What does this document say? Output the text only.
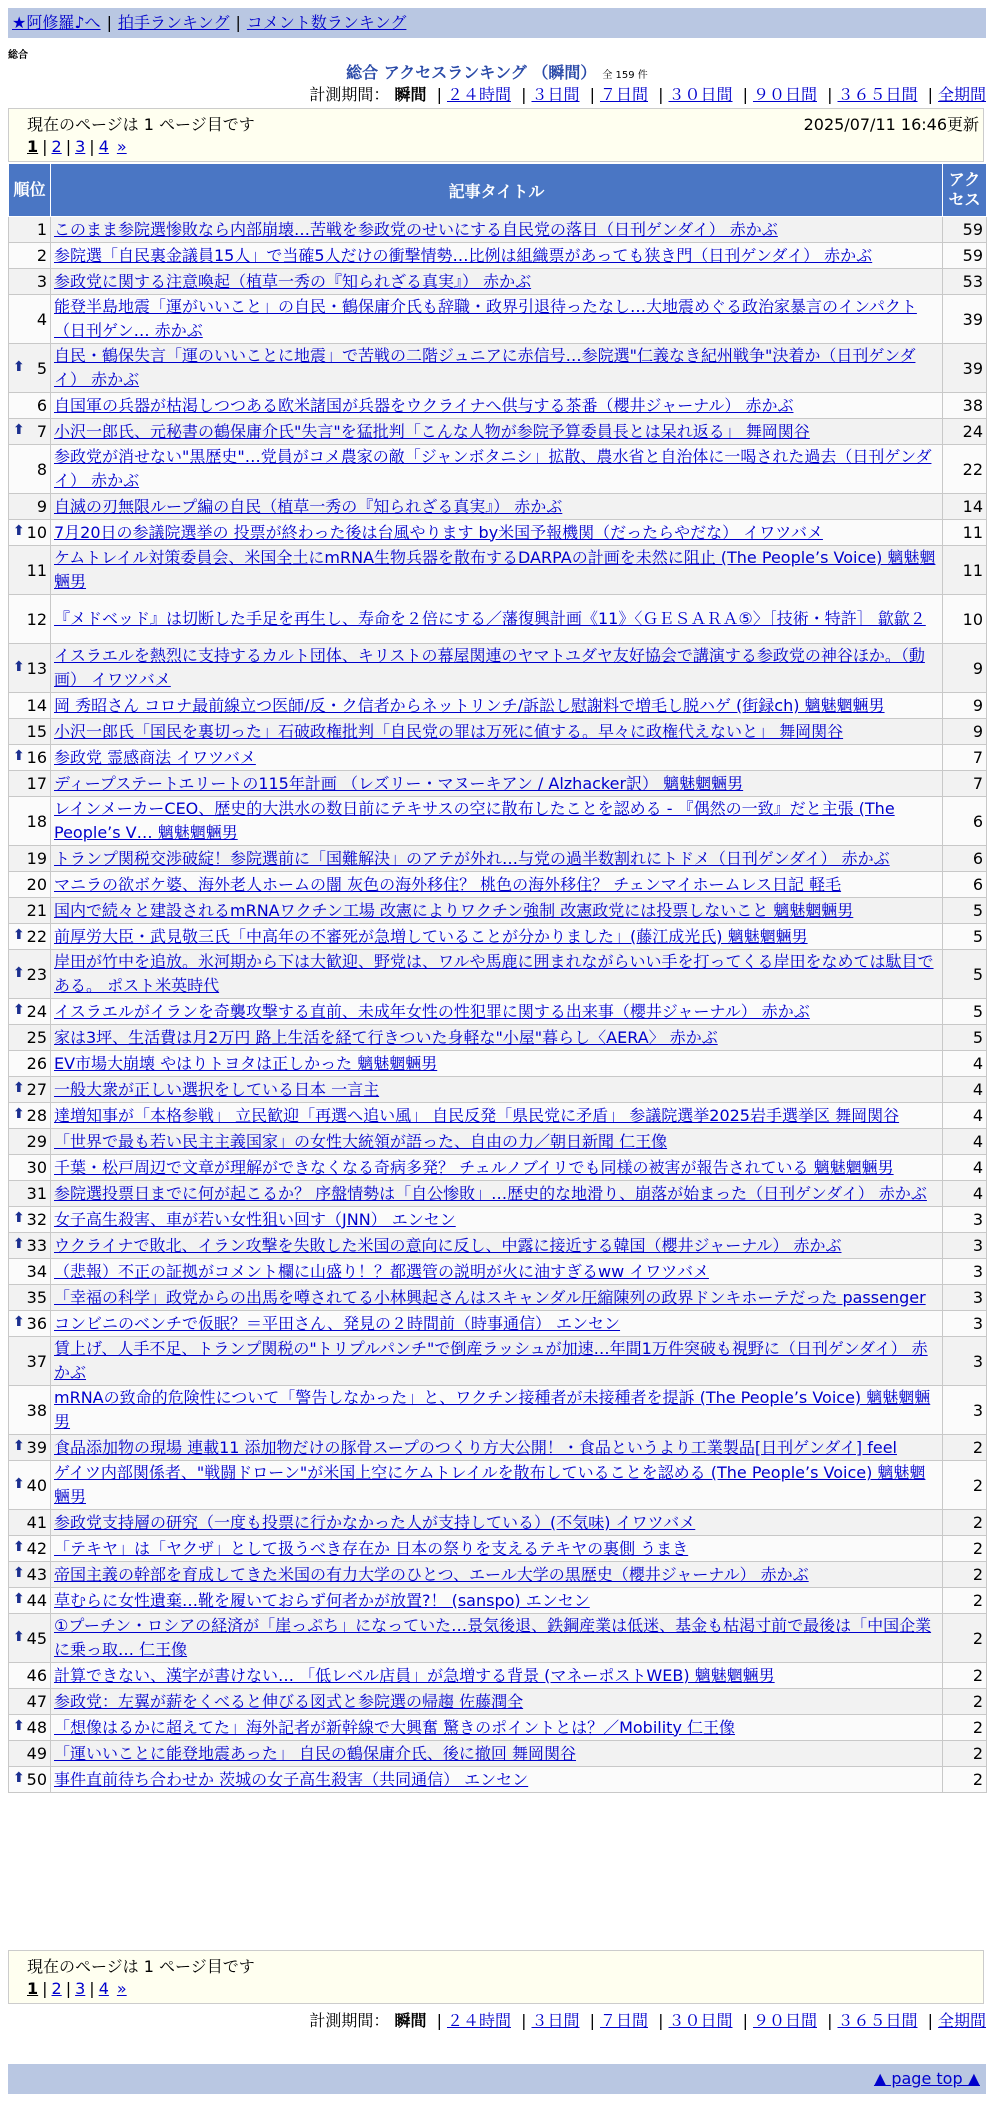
★阿修羅♪へ | 拍手ランキング | コメント数ランキング
総合
総合 アクセスランキング （瞬間） 全 159 件
計測期間： 瞬間 | ２４時間 | ３日間 | ７日間 | ３０日間 | ９０日間 | ３６５日間 | 全期間
現在のページは 1 ページ目です	2025/07/11 16:46更新
1 | 2 | 3 | 4 »
順位	記事タイトル	アクセス
1	このまま参院選惨敗なら内部崩壊…苦戦を参政党のせいにする自民党の落日（日刊ゲンダイ） 赤かぶ	59
2	参院選「自民裏金議員15人」で当確5人だけの衝撃情勢…比例は組織票があっても狭き門（日刊ゲンダイ） 赤かぶ	59
3	参政党に関する注意喚起（植草一秀の『知られざる真実』） 赤かぶ	53
4	能登半島地震「運がいいこと」の自民・鶴保庸介氏も辞職・政界引退待ったなし…大地震めぐる政治家暴言のインパクト（日刊ゲン… 赤かぶ	39

⬆ 5	自民・鶴保失言「運のいいことに地震」で苦戦の二階ジュニアに赤信号…参院選"仁義なき紀州戦争"決着か（日刊ゲンダイ） 赤かぶ	39
6	自国軍の兵器が枯渇しつつある欧米諸国が兵器をウクライナへ供与する茶番（櫻井ジャーナル） 赤かぶ	38

⬆ 7	小沢一郎氏、元秘書の鶴保庸介氏"失言"を猛批判「こんな人物が参院予算委員長とは呆れ返る」 舞岡関谷	24
8	参政党が消せない"黒歴史"…党員がコメ農家の敵「ジャンボタニシ」拡散、農水省と自治体に一喝された過去（日刊ゲンダイ） 赤かぶ	22
9	自滅の刃無限ループ編の自民（植草一秀の『知られざる真実』） 赤かぶ	14

⬆ 10	7月20日の参議院選挙の 投票が終わった後は台風やります by米国予報機関（だったらやだな） イワツバメ	11
11	ケムトレイル対策委員会、米国全土にmRNA生物兵器を散布するDARPAの計画を未然に阻止 (The People’s Voice) 魑魅魍魎男	11
12	『メドベッド』は切断した手足を再生し、寿命を２倍にする／藩復興計画《11》〈ＧＥＳＡＲＡ⑤〉［技術・特許］ 歙歙２	10

⬆ 13	イスラエルを熱烈に支持するカルト団体、キリストの幕屋関連のヤマトユダヤ友好協会で講演する参政党の神谷ほか。（動画） イワツバメ	9
14	岡 秀昭さん コロナ最前線立つ医師/反・ク信者からネットリンチ/訴訟し慰謝料で増毛し脱ハゲ (街録ch) 魑魅魍魎男	9
15	小沢一郎氏「国民を裏切った」石破政権批判「自民党の罪は万死に値する。早々に政権代えないと」 舞岡関谷	9

⬆ 16	参政党 霊感商法 イワツバメ	7
17	ディープステートエリートの115年計画 （レズリー・マヌーキアン / Alzhacker訳） 魑魅魍魎男	7
18	レインメーカーCEO、歴史的大洪水の数日前にテキサスの空に散布したことを認める - 『偶然の一致』だと主張 (The People’s V… 魑魅魍魎男	6
19	トランプ関税交渉破綻！参院選前に「国難解決」のアテが外れ…与党の過半数割れにトドメ（日刊ゲンダイ） 赤かぶ	6
20	マニラの欲ボケ婆、海外老人ホームの闇 灰色の海外移住？ 桃色の海外移住？ チェンマイホームレス日記 軽毛	6
21	国内で続々と建設されるmRNAワクチン工場 改憲によりワクチン強制 改憲政党には投票しないこと 魑魅魍魎男	5

⬆ 22	前厚労大臣・武見敬三氏「中高年の不審死が急増していることが分かりました」(藤江成光氏) 魑魅魍魎男	5

⬆ 23	岸田が竹中を追放。氷河期から下は大歓迎、野党は、ワルや馬鹿に囲まれながらいい手を打ってくる岸田をなめては駄目である。 ポスト米英時代	5

⬆ 24	イスラエルがイランを奇襲攻撃する直前、未成年女性の性犯罪に関する出来事（櫻井ジャーナル） 赤かぶ	5
25	家は3坪、生活費は月2万円 路上生活を経て行きついた身軽な"小屋"暮らし〈AERA〉 赤かぶ	5
26	EV市場大崩壊 やはりトヨタは正しかった 魑魅魍魎男	4

⬆ 27	一般大衆が正しい選択をしている日本 一言主	4

⬆ 28	達増知事が「本格参戦」 立民歓迎「再選へ追い風」 自民反発「県民党に矛盾」 参議院選挙2025岩手選挙区 舞岡関谷	4
29	「世界で最も若い民主主義国家」の女性大統領が語った、自由の力／朝日新聞 仁王像	4
30	千葉・松戸周辺で文章が理解ができなくなる奇病多発？ チェルノブイリでも同様の被害が報告されている 魑魅魍魎男	4
31	参院選投票日までに何が起こるか？ 序盤情勢は「自公惨敗」…歴史的な地滑り、崩落が始まった（日刊ゲンダイ） 赤かぶ	4

⬆ 32	女子高生殺害、車が若い女性狙い回す（JNN） エンセン	3

⬆ 33	ウクライナで敗北、イラン攻撃を失敗した米国の意向に反し、中露に接近する韓国（櫻井ジャーナル） 赤かぶ	3
34	（悲報）不正の証拠がコメント欄に山盛り！？都選管の説明が火に油すぎるww イワツバメ	3
35	「幸福の科学」政党からの出馬を噂されてる小林興起さんはスキャンダル圧縮陳列の政界ドンキホーテだった passenger	3

⬆ 36	コンビニのベンチで仮眠？＝平田さん、発見の２時間前（時事通信） エンセン	3
37	賃上げ、人手不足、トランプ関税の"トリプルパンチ"で倒産ラッシュが加速…年間1万件突破も視野に（日刊ゲンダイ） 赤かぶ	3
38	mRNAの致命的危険性について「警告しなかった」と、ワクチン接種者が未接種者を提訴 (The People’s Voice) 魑魅魍魎男	3

⬆ 39	食品添加物の現場 連載11 添加物だけの豚骨スープのつくり方大公開！・食品というより工業製品[日刊ゲンダイ] feel	2

⬆ 40	ゲイツ内部関係者、"戦闘ドローン"が米国上空にケムトレイルを散布していることを認める (The People’s Voice) 魑魅魍魎男	2
41	参政党支持層の研究（一度も投票に行かなかった人が支持している）(不気味) イワツバメ	2

⬆ 42	「テキヤ」は「ヤクザ」として扱うべき存在か 日本の祭りを支えるテキヤの裏側 うまき	2

⬆ 43	帝国主義の幹部を育成してきた米国の有力大学のひとつ、エール大学の黒歴史（櫻井ジャーナル） 赤かぶ	2

⬆ 44	草むらに女性遺棄…靴を履いておらず何者かが放置?！ (sanspo) エンセン	2

⬆ 45	①プーチン・ロシアの経済が「崖っぷち」になっていた…景気後退、鉄鋼産業は低迷、基金も枯渇寸前で最後は「中国企業に乗っ取… 仁王像	2
46	計算できない、漢字が書けない… 「低レベル店員」が急増する背景 (マネーポストWEB) 魑魅魍魎男	2
47	参政党：左翼が薪をくべると伸びる図式と参院選の帰趨 佐藤潤全	2

⬆ 48	「想像はるかに超えてた」海外記者が新幹線で大興奮 驚きのポイントとは？／Mobility 仁王像	2
49	「運いいことに能登地震あった」 自民の鶴保庸介氏、後に撤回 舞岡関谷	2

⬆ 50	事件直前待ち合わせか 茨城の女子高生殺害（共同通信） エンセン	2
現在のページは 1 ページ目です
1 | 2 | 3 | 4 »
計測期間： 瞬間 | ２４時間 | ３日間 | ７日間 | ３０日間 | ９０日間 | ３６５日間 | 全期間
▲ page top ▲
